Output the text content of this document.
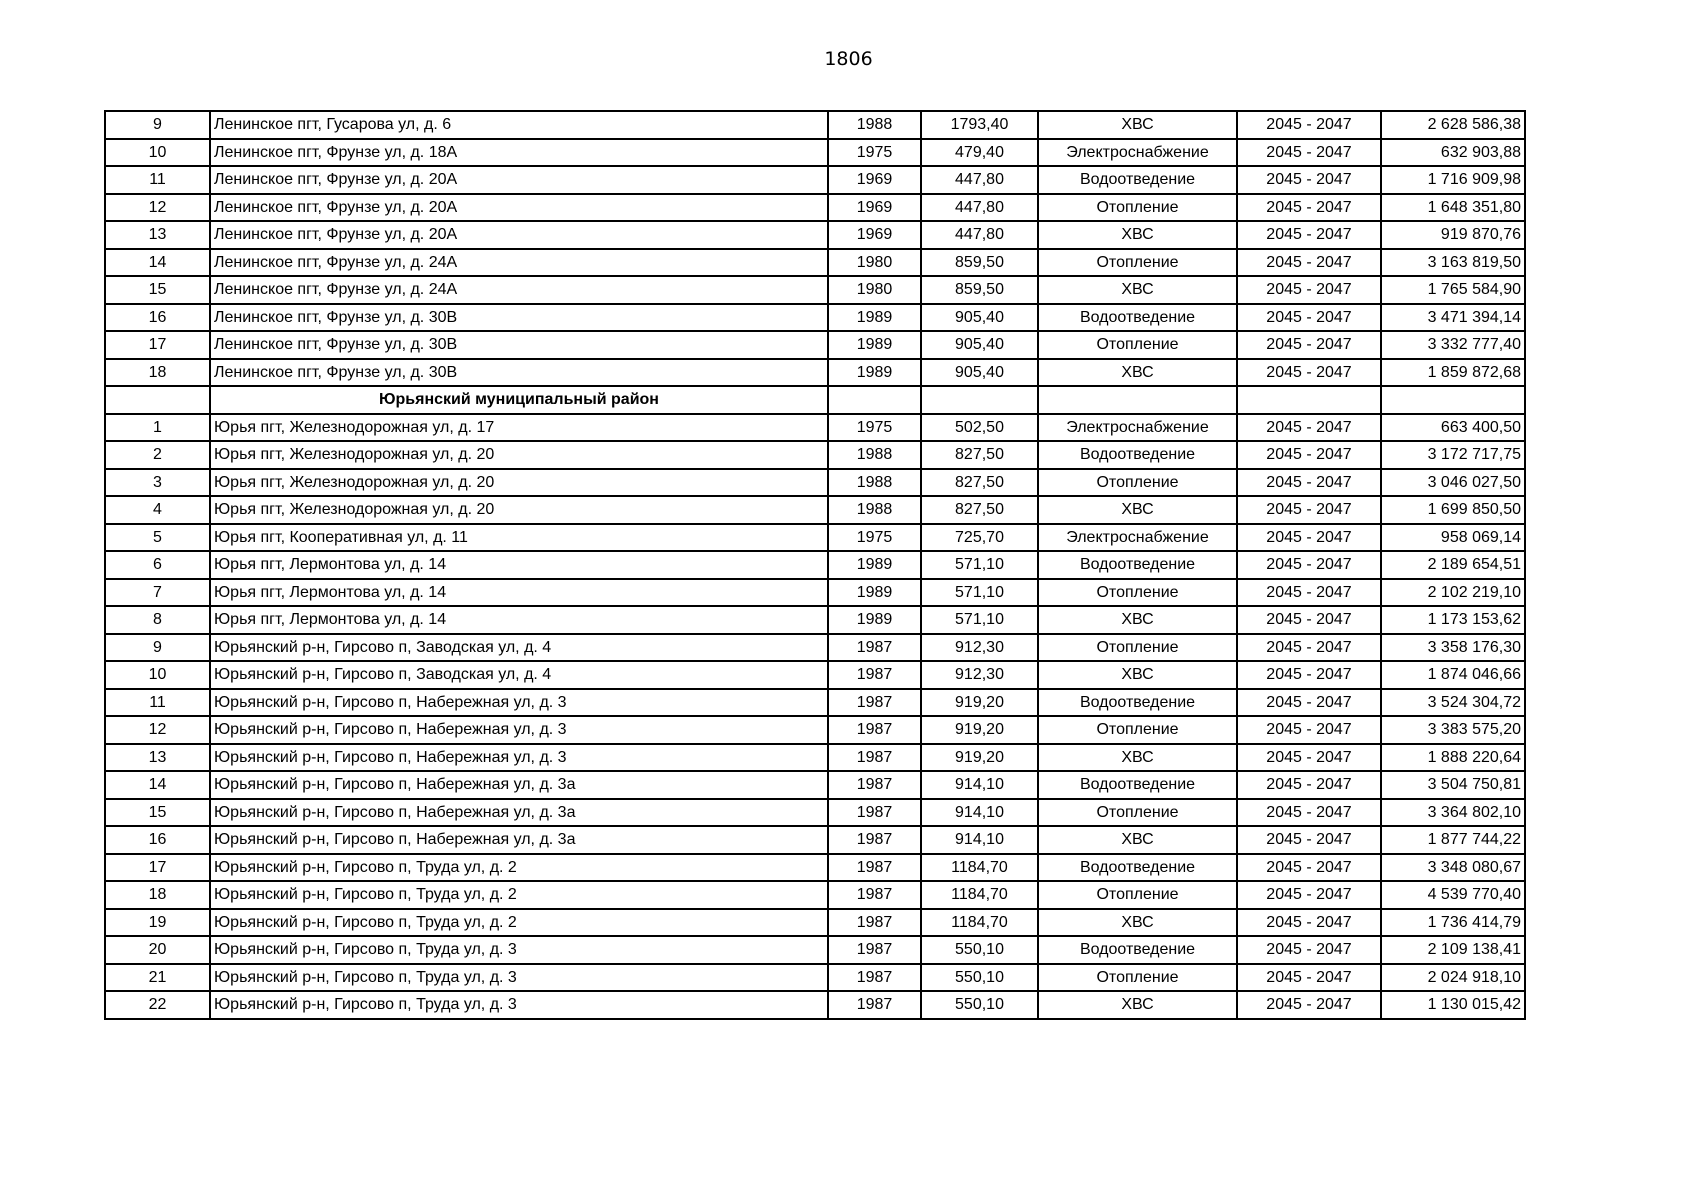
1806
9	Ленинское пгт, Гусарова ул, д. 6	1988	1793,40	ХВС	2045 - 2047	2 628 586,38
10	Ленинское пгт, Фрунзе ул, д. 18А	1975	479,40	Электроснабжение	2045 - 2047	632 903,88
11	Ленинское пгт, Фрунзе ул, д. 20А	1969	447,80	Водоотведение	2045 - 2047	1 716 909,98
12	Ленинское пгт, Фрунзе ул, д. 20А	1969	447,80	Отопление	2045 - 2047	1 648 351,80
13	Ленинское пгт, Фрунзе ул, д. 20А	1969	447,80	ХВС	2045 - 2047	919 870,76
14	Ленинское пгт, Фрунзе ул, д. 24А	1980	859,50	Отопление	2045 - 2047	3 163 819,50
15	Ленинское пгт, Фрунзе ул, д. 24А	1980	859,50	ХВС	2045 - 2047	1 765 584,90
16	Ленинское пгт, Фрунзе ул, д. 30В	1989	905,40	Водоотведение	2045 - 2047	3 471 394,14
17	Ленинское пгт, Фрунзе ул, д. 30В	1989	905,40	Отопление	2045 - 2047	3 332 777,40
18	Ленинское пгт, Фрунзе ул, д. 30В	1989	905,40	ХВС	2045 - 2047	1 859 872,68
	Юрьянский муниципальный район					
1	Юрья пгт, Железнодорожная ул, д. 17	1975	502,50	Электроснабжение	2045 - 2047	663 400,50
2	Юрья пгт, Железнодорожная ул, д. 20	1988	827,50	Водоотведение	2045 - 2047	3 172 717,75
3	Юрья пгт, Железнодорожная ул, д. 20	1988	827,50	Отопление	2045 - 2047	3 046 027,50
4	Юрья пгт, Железнодорожная ул, д. 20	1988	827,50	ХВС	2045 - 2047	1 699 850,50
5	Юрья пгт, Кооперативная ул, д. 11	1975	725,70	Электроснабжение	2045 - 2047	958 069,14
6	Юрья пгт, Лермонтова ул, д. 14	1989	571,10	Водоотведение	2045 - 2047	2 189 654,51
7	Юрья пгт, Лермонтова ул, д. 14	1989	571,10	Отопление	2045 - 2047	2 102 219,10
8	Юрья пгт, Лермонтова ул, д. 14	1989	571,10	ХВС	2045 - 2047	1 173 153,62
9	Юрьянский р-н, Гирсово п, Заводская ул, д. 4	1987	912,30	Отопление	2045 - 2047	3 358 176,30
10	Юрьянский р-н, Гирсово п, Заводская ул, д. 4	1987	912,30	ХВС	2045 - 2047	1 874 046,66
11	Юрьянский р-н, Гирсово п, Набережная ул, д. 3	1987	919,20	Водоотведение	2045 - 2047	3 524 304,72
12	Юрьянский р-н, Гирсово п, Набережная ул, д. 3	1987	919,20	Отопление	2045 - 2047	3 383 575,20
13	Юрьянский р-н, Гирсово п, Набережная ул, д. 3	1987	919,20	ХВС	2045 - 2047	1 888 220,64
14	Юрьянский р-н, Гирсово п, Набережная ул, д. 3а	1987	914,10	Водоотведение	2045 - 2047	3 504 750,81
15	Юрьянский р-н, Гирсово п, Набережная ул, д. 3а	1987	914,10	Отопление	2045 - 2047	3 364 802,10
16	Юрьянский р-н, Гирсово п, Набережная ул, д. 3а	1987	914,10	ХВС	2045 - 2047	1 877 744,22
17	Юрьянский р-н, Гирсово п, Труда ул, д. 2	1987	1184,70	Водоотведение	2045 - 2047	3 348 080,67
18	Юрьянский р-н, Гирсово п, Труда ул, д. 2	1987	1184,70	Отопление	2045 - 2047	4 539 770,40
19	Юрьянский р-н, Гирсово п, Труда ул, д. 2	1987	1184,70	ХВС	2045 - 2047	1 736 414,79
20	Юрьянский р-н, Гирсово п, Труда ул, д. 3	1987	550,10	Водоотведение	2045 - 2047	2 109 138,41
21	Юрьянский р-н, Гирсово п, Труда ул, д. 3	1987	550,10	Отопление	2045 - 2047	2 024 918,10
22	Юрьянский р-н, Гирсово п, Труда ул, д. 3	1987	550,10	ХВС	2045 - 2047	1 130 015,42
